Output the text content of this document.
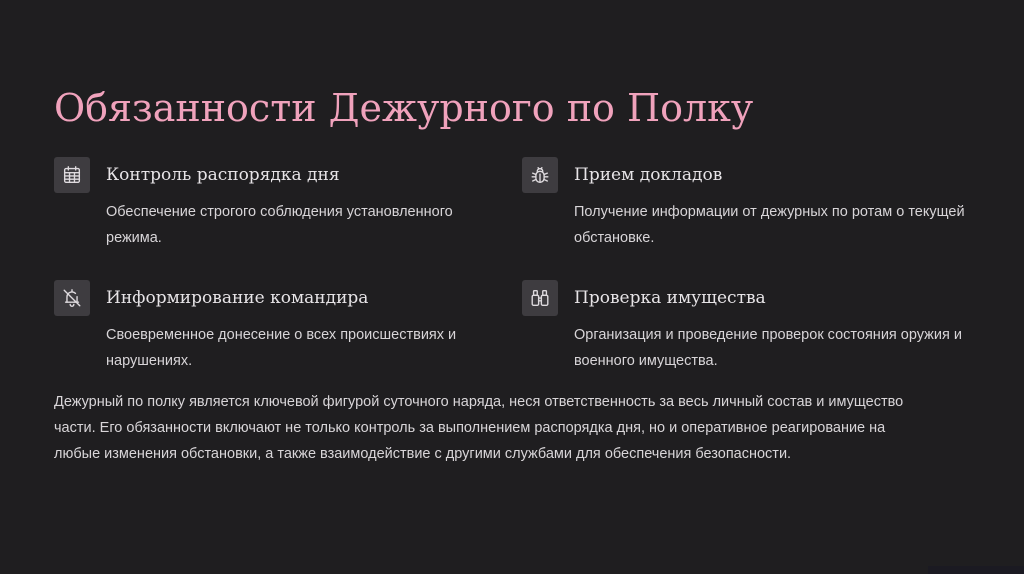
Обязанности Дежурного по Полку
Контроль распорядка дня

Обеспечение строгого соблюдения установленного режима.

Прием докладов

Получение информации от дежурных по ротам о текущей обстановке.

Информирование командира

Своевременное донесение о всех происшествиях и нарушениях.

Проверка имущества

Организация и проведение проверок состояния оружия и военного имущества.

Дежурный по полку является ключевой фигурой суточного наряда, неся ответственность за весь личный состав и имущество части. Его обязанности включают не только контроль за выполнением распорядка дня, но и оперативное реагирование на любые изменения обстановки, а также взаимодействие с другими службами для обеспечения безопасности.
